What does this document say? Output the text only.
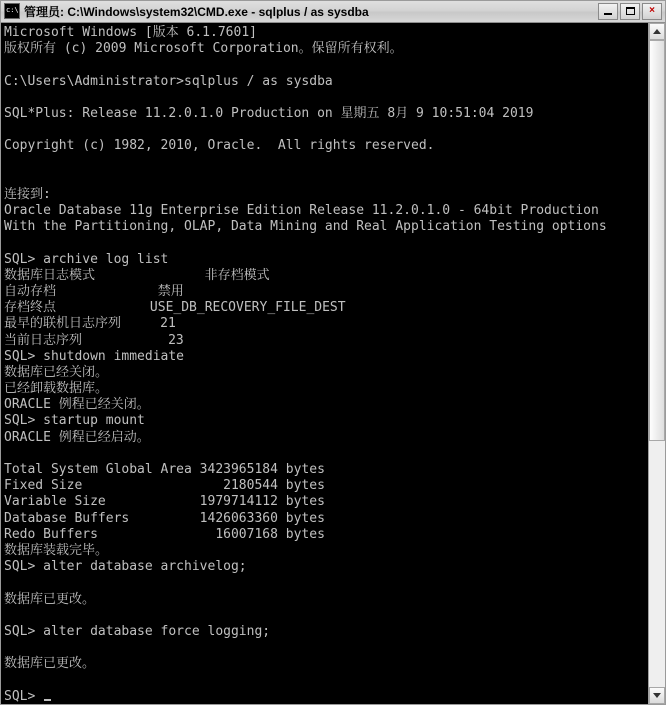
c:\
管理员: C:\Windows\system32\CMD.exe - sqlplus / as sysdba	×
Microsoft Windows [版本 6.1.7601]
版权所有 (c) 2009 Microsoft Corporation。保留所有权利。
C:\Users\Administrator>sqlplus / as sysdba
SQL*Plus: Release 11.2.0.1.0 Production on 星期五 8月 9 10:51:04 2019
Copyright (c) 1982, 2010, Oracle.  All rights reserved.
连接到:
Oracle Database 11g Enterprise Edition Release 11.2.0.1.0 - 64bit Production
With the Partitioning, OLAP, Data Mining and Real Application Testing options
SQL> archive log list
数据库日志模式              非存档模式
自动存档             禁用
存档终点            USE_DB_RECOVERY_FILE_DEST
最早的联机日志序列     21
当前日志序列           23
SQL> shutdown immediate
数据库已经关闭。
已经卸载数据库。
ORACLE 例程已经关闭。
SQL> startup mount
ORACLE 例程已经启动。
Total System Global Area 3423965184 bytes
Fixed Size                  2180544 bytes
Variable Size            1979714112 bytes
Database Buffers         1426063360 bytes
Redo Buffers               16007168 bytes
数据库装载完毕。
SQL> alter database archivelog;
数据库已更改。
SQL> alter database force logging;
数据库已更改。
SQL>
